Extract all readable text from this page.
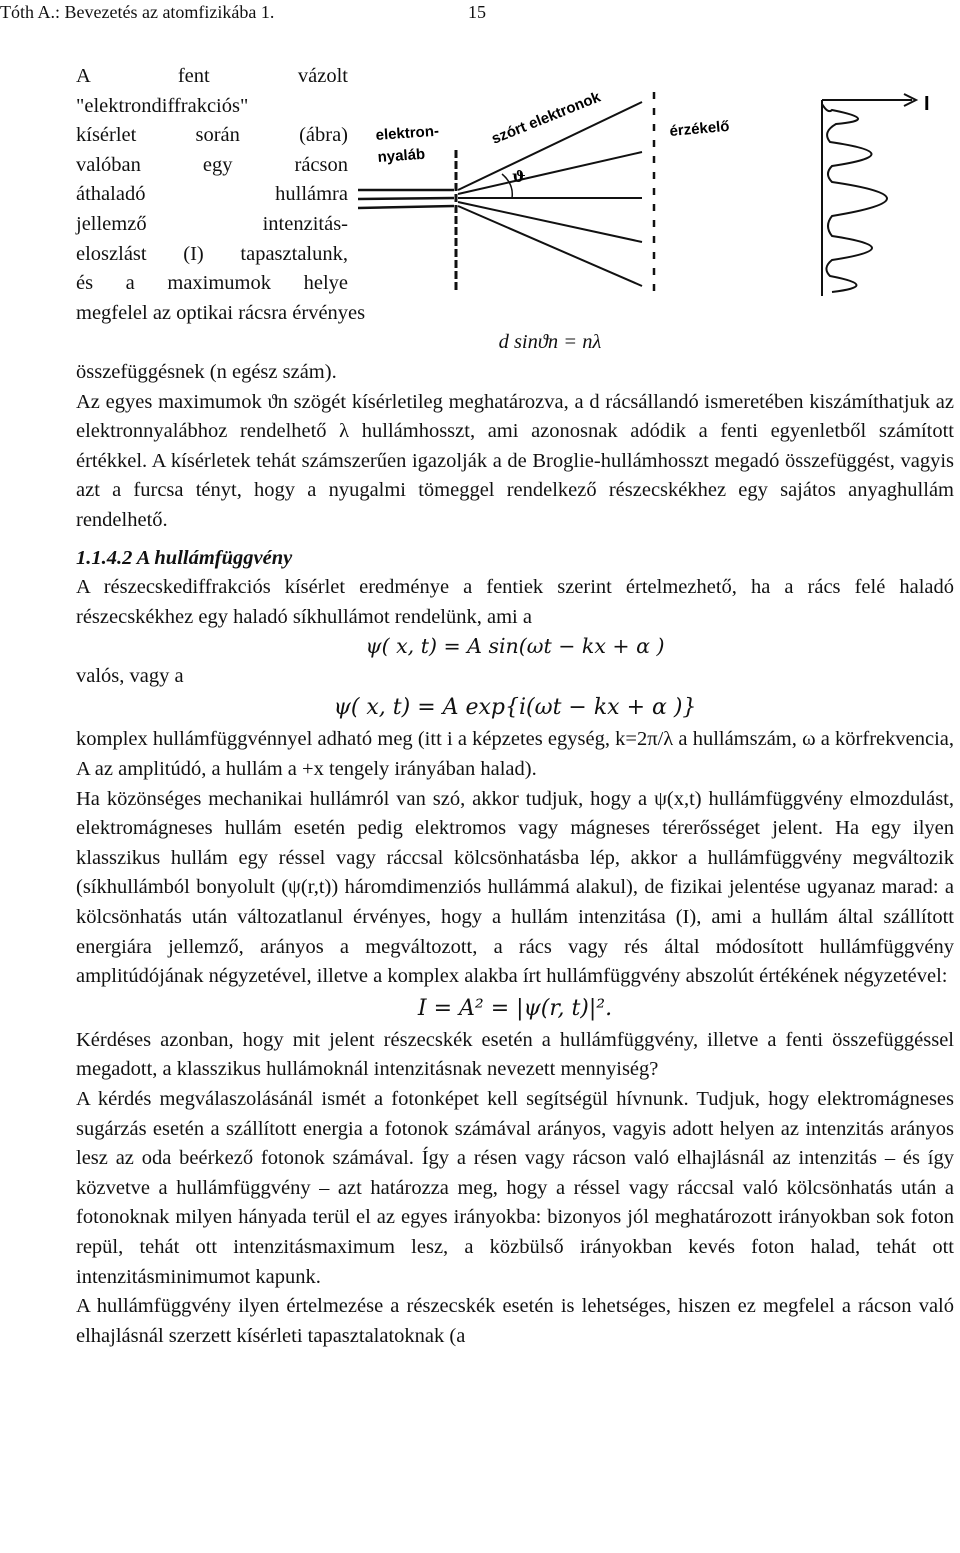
Tóth A.: Bevezetés az atomfizikába 1.	15
elektron-
nyaláb
szórt elektronok
ϑ
érzékelő
I
A fent vázolt
"elektrondiffrakciós"
kísérlet során (ábra)
valóban egy rácson
áthaladó hullámra
jellemző intenzitás-
eloszlást (I) tapasztalunk,
és a maximumok helye
megfelel az optikai rácsra érvényes

d sinϑn = nλ

összefüggésnek (n egész szám).

Az egyes maximumok ϑn szögét kísérletileg meghatározva, a d rácsállandó ismeretében kiszámíthatjuk az elektronnyalábhoz rendelhető λ hullámhosszt, ami azonosnak adódik a fenti egyenletből számított értékkel. A kísérletek tehát számszerűen igazolják a de Broglie-hullámhosszt megadó összefüggést, vagyis azt a furcsa tényt, hogy a nyugalmi tömeggel rendelkező részecskékhez egy sajátos anyaghullám rendelhető.

1.1.4.2 A hullámfüggvény

A részecskediffrakciós kísérlet eredménye a fentiek szerint értelmezhető, ha a rács felé haladó részecskékhez egy haladó síkhullámot rendelünk, ami a

ψ( x, t) = A sin(ωt − kx + α )

valós, vagy a

ψ( x, t) = A exp{i(ωt − kx + α )}

komplex hullámfüggvénnyel adható meg (itt i a képzetes egység, k=2π/λ a hullámszám, ω a körfrekvencia, A az amplitúdó, a hullám a +x tengely irányában halad).

Ha közönséges mechanikai hullámról van szó, akkor tudjuk, hogy a ψ(x,t) hullámfüggvény elmozdulást, elektromágneses hullám esetén pedig elektromos vagy mágneses térerősséget jelent. Ha egy ilyen klasszikus hullám egy réssel vagy ráccsal kölcsönhatásba lép, akkor a hullámfüggvény megváltozik (síkhullámból bonyolult (ψ(r,t)) háromdimenziós hullámmá alakul), de fizikai jelentése ugyanaz marad: a kölcsönhatás után változatlanul érvényes, hogy a hullám intenzitása (I), ami a hullám által szállított energiára jellemző, arányos a megváltozott, a rács vagy rés által módosított hullámfüggvény amplitúdójának négyzetével, illetve a komplex alakba írt hullámfüggvény abszolút értékének négyzetével:

I = A² = |ψ(r, t)|².

Kérdéses azonban, hogy mit jelent részecskék esetén a hullámfüggvény, illetve a fenti összefüggéssel megadott, a klasszikus hullámoknál intenzitásnak nevezett mennyiség?

A kérdés megválaszolásánál ismét a fotonképet kell segítségül hívnunk. Tudjuk, hogy elektromágneses sugárzás esetén a szállított energia a fotonok számával arányos, vagyis adott helyen az intenzitás arányos lesz az oda beérkező fotonok számával. Így a résen vagy rácson való elhajlásnál az intenzitás – és így közvetve a hullámfüggvény – azt határozza meg, hogy a réssel vagy ráccsal való kölcsönhatás után a fotonoknak milyen hányada terül el az egyes irányokba: bizonyos jól meghatározott irányokban sok foton repül, tehát ott intenzitásmaximum lesz, a közbülső irányokban kevés foton halad, tehát ott intenzitásminimumot kapunk.

A hullámfüggvény ilyen értelmezése a részecskék esetén is lehetséges, hiszen ez megfelel a rácson való elhajlásnál szerzett kísérleti tapasztalatoknak (a
